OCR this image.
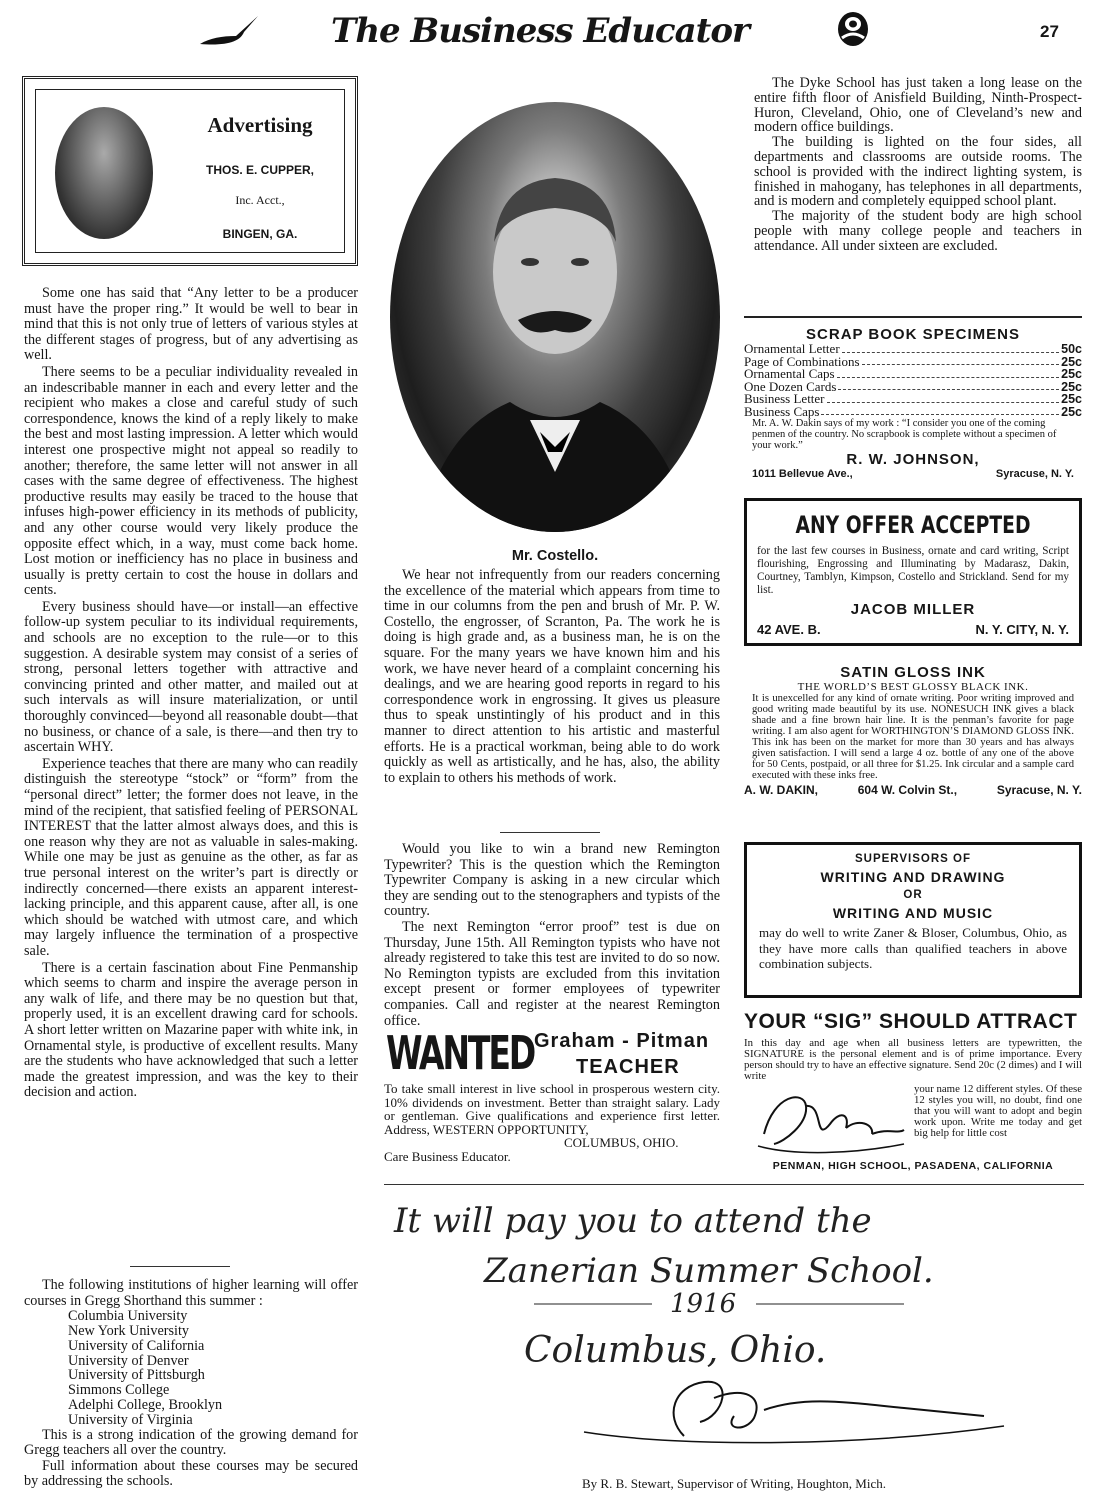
The Business Educator	27
Advertising
THOS. E. CUPPER,
Inc. Acct.,
BINGEN, GA.

Some one has said that “Any letter to be a producer must have the proper ring.” It would be well to bear in mind that this is not only true of letters of various styles at the different stages of progress, but of any advertising as well.

There seems to be a peculiar individuality revealed in an indescribable manner in each and every letter and the recipient who makes a close and careful study of such correspondence, knows the kind of a reply likely to make the best and most lasting impression. A letter which would interest one prospective might not appeal so readily to another; therefore, the same letter will not answer in all cases with the same degree of effectiveness. The highest productive results may easily be traced to the house that infuses high-power efficiency in its methods of publicity, and any other course would very likely produce the opposite effect which, in a way, must come back home. Lost motion or inefficiency has no place in business and usually is pretty certain to cost the house in dollars and cents.

Every business should have—or install—an effective follow-up system peculiar to its individual requirements, and schools are no exception to the rule—or to this suggestion. A desirable system may consist of a series of strong, personal letters together with attractive and convincing printed and other matter, and mailed out at such intervals as will insure materialization, or until thoroughly convinced—beyond all reasonable doubt—that no business, or chance of a sale, is there—and then try to ascertain WHY.

Experience teaches that there are many who can readily distinguish the stereotype “stock” or “form” from the “personal direct” letter; the former does not leave, in the mind of the recipient, that satisfied feeling of PERSONAL INTEREST that the latter almost always does, and this is one reason why they are not as valuable in sales-making. While one may be just as genuine as the other, as far as true personal interest on the writer’s part is directly or indirectly concerned—there exists an apparent interest-lacking principle, and this apparent cause, after all, is one which should be watched with utmost care, and which may largely influence the termination of a prospective sale.

There is a certain fascination about Fine Penmanship which seems to charm and inspire the average person in any walk of life, and there may be no question but that, properly used, it is an excellent drawing card for schools. A short letter written on Mazarine paper with white ink, in Ornamental style, is productive of excellent results. Many are the students who have acknowledged that such a letter made the greatest impression, and was the key to their decision and action.

The following institutions of higher learning will offer courses in Gregg Shorthand this summer :

Columbia University
New York University
University of California
University of Denver
University of Pittsburgh
Simmons College
Adelphi College, Brooklyn
University of Virginia

This is a strong indication of the growing demand for Gregg teachers all over the country.

Full information about these courses may be secured by addressing the schools.

Mr. Costello.

We hear not infrequently from our readers concerning the excellence of the material which appears from time to time in our columns from the pen and brush of Mr. P. W. Costello, the engrosser, of Scranton, Pa. The work he is doing is high grade and, as a business man, he is on the square. For the many years we have known him and his work, we have never heard of a complaint concerning his dealings, and we are hearing good reports in regard to his correspondence work in engrossing. It gives us pleasure thus to speak unstintingly of his product and in this manner to direct attention to his artistic and masterful efforts. He is a practical workman, being able to do work quickly as well as artistically, and he has, also, the ability to explain to others his methods of work.

Would you like to win a brand new Remington Typewriter? This is the question which the Remington Typewriter Company is asking in a new circular which they are sending out to the stenographers and typists of the country.

The next Remington “error proof” test is due on Thursday, June 15th. All Remington typists who have not already registered to take this test are invited to do so now. No Remington typists are excluded from this invitation except present or former employees of typewriter companies. Call and register at the nearest Remington office.

WANTED Graham - Pitman
TEACHER
To take small interest in live school in prosperous western city. 10% dividends on investment. Better than straight salary. Lady or gentleman. Give qualifications and experience first letter. Address, WESTERN OPPORTUNITY,
COLUMBUS, OHIO.
Care Business Educator.

The Dyke School has just taken a long lease on the entire fifth floor of Anisfield Building, Ninth-Prospect-Huron, Cleveland, Ohio, one of Cleveland’s new and modern office buildings.

The building is lighted on the four sides, all departments and classrooms are outside rooms. The school is provided with the indirect lighting system, is finished in mahogany, has telephones in all departments, and is modern and completely equipped school plant.

The majority of the student body are high school people with many college people and teachers in attendance. All under sixteen are excluded.

SCRAP BOOK SPECIMENS
Ornamental Letter	50c
Page of Combinations	25c
Ornamental Caps	25c
One Dozen Cards	25c
Business Letter	25c
Business Caps	25c
Mr. A. W. Dakin says of my work : “I consider you one of the coming penmen of the country. No scrapbook is complete without a specimen of your work.”
R. W. JOHNSON,
1011 Bellevue Ave.,	Syracuse, N. Y.
ANY OFFER ACCEPTED
for the last few courses in Business, ornate and card writing, Script flourishing, Engrossing and Illuminating by Madarasz, Dakin, Courtney, Tamblyn, Kimpson, Costello and Strickland. Send for my list.
JACOB MILLER
42 AVE. B.	N. Y. CITY, N. Y.
SATIN GLOSS INK
THE WORLD’S BEST GLOSSY BLACK INK.
It is unexcelled for any kind of ornate writing. Poor writing improved and good writing made beautiful by its use. NONESUCH INK gives a black shade and a fine brown hair line. It is the penman’s favorite for page writing. I am also agent for WORTHINGTON’S DIAMOND GLOSS INK. This ink has been on the market for more than 30 years and has always given satisfaction. I will send a large 4 oz. bottle of any one of the above for 50 Cents, postpaid, or all three for $1.25. Ink circular and a sample card executed with these inks free.
A. W. DAKIN,	604 W. Colvin St.,	Syracuse, N. Y.
SUPERVISORS OF
WRITING AND DRAWING
OR
WRITING AND MUSIC
may do well to write Zaner & Bloser, Columbus, Ohio, as they have more calls than qualified teachers in above combination subjects.
YOUR “SIG” SHOULD ATTRACT
In this day and age when all business letters are typewritten, the SIGNATURE is the personal element and is of prime importance. Every person should try to have an effective signature. Send 20c (2 dimes) and I will write
your name 12 different styles. Of these 12 styles you will, no doubt, find one that you will want to adopt and begin work upon. Write me today and get big help for little cost
PENMAN, HIGH SCHOOL, PASADENA, CALIFORNIA
It will pay you to attend the
Zanerian Summer School.
1916
Columbus, Ohio.
By R. B. Stewart, Supervisor of Writing, Houghton, Mich.
